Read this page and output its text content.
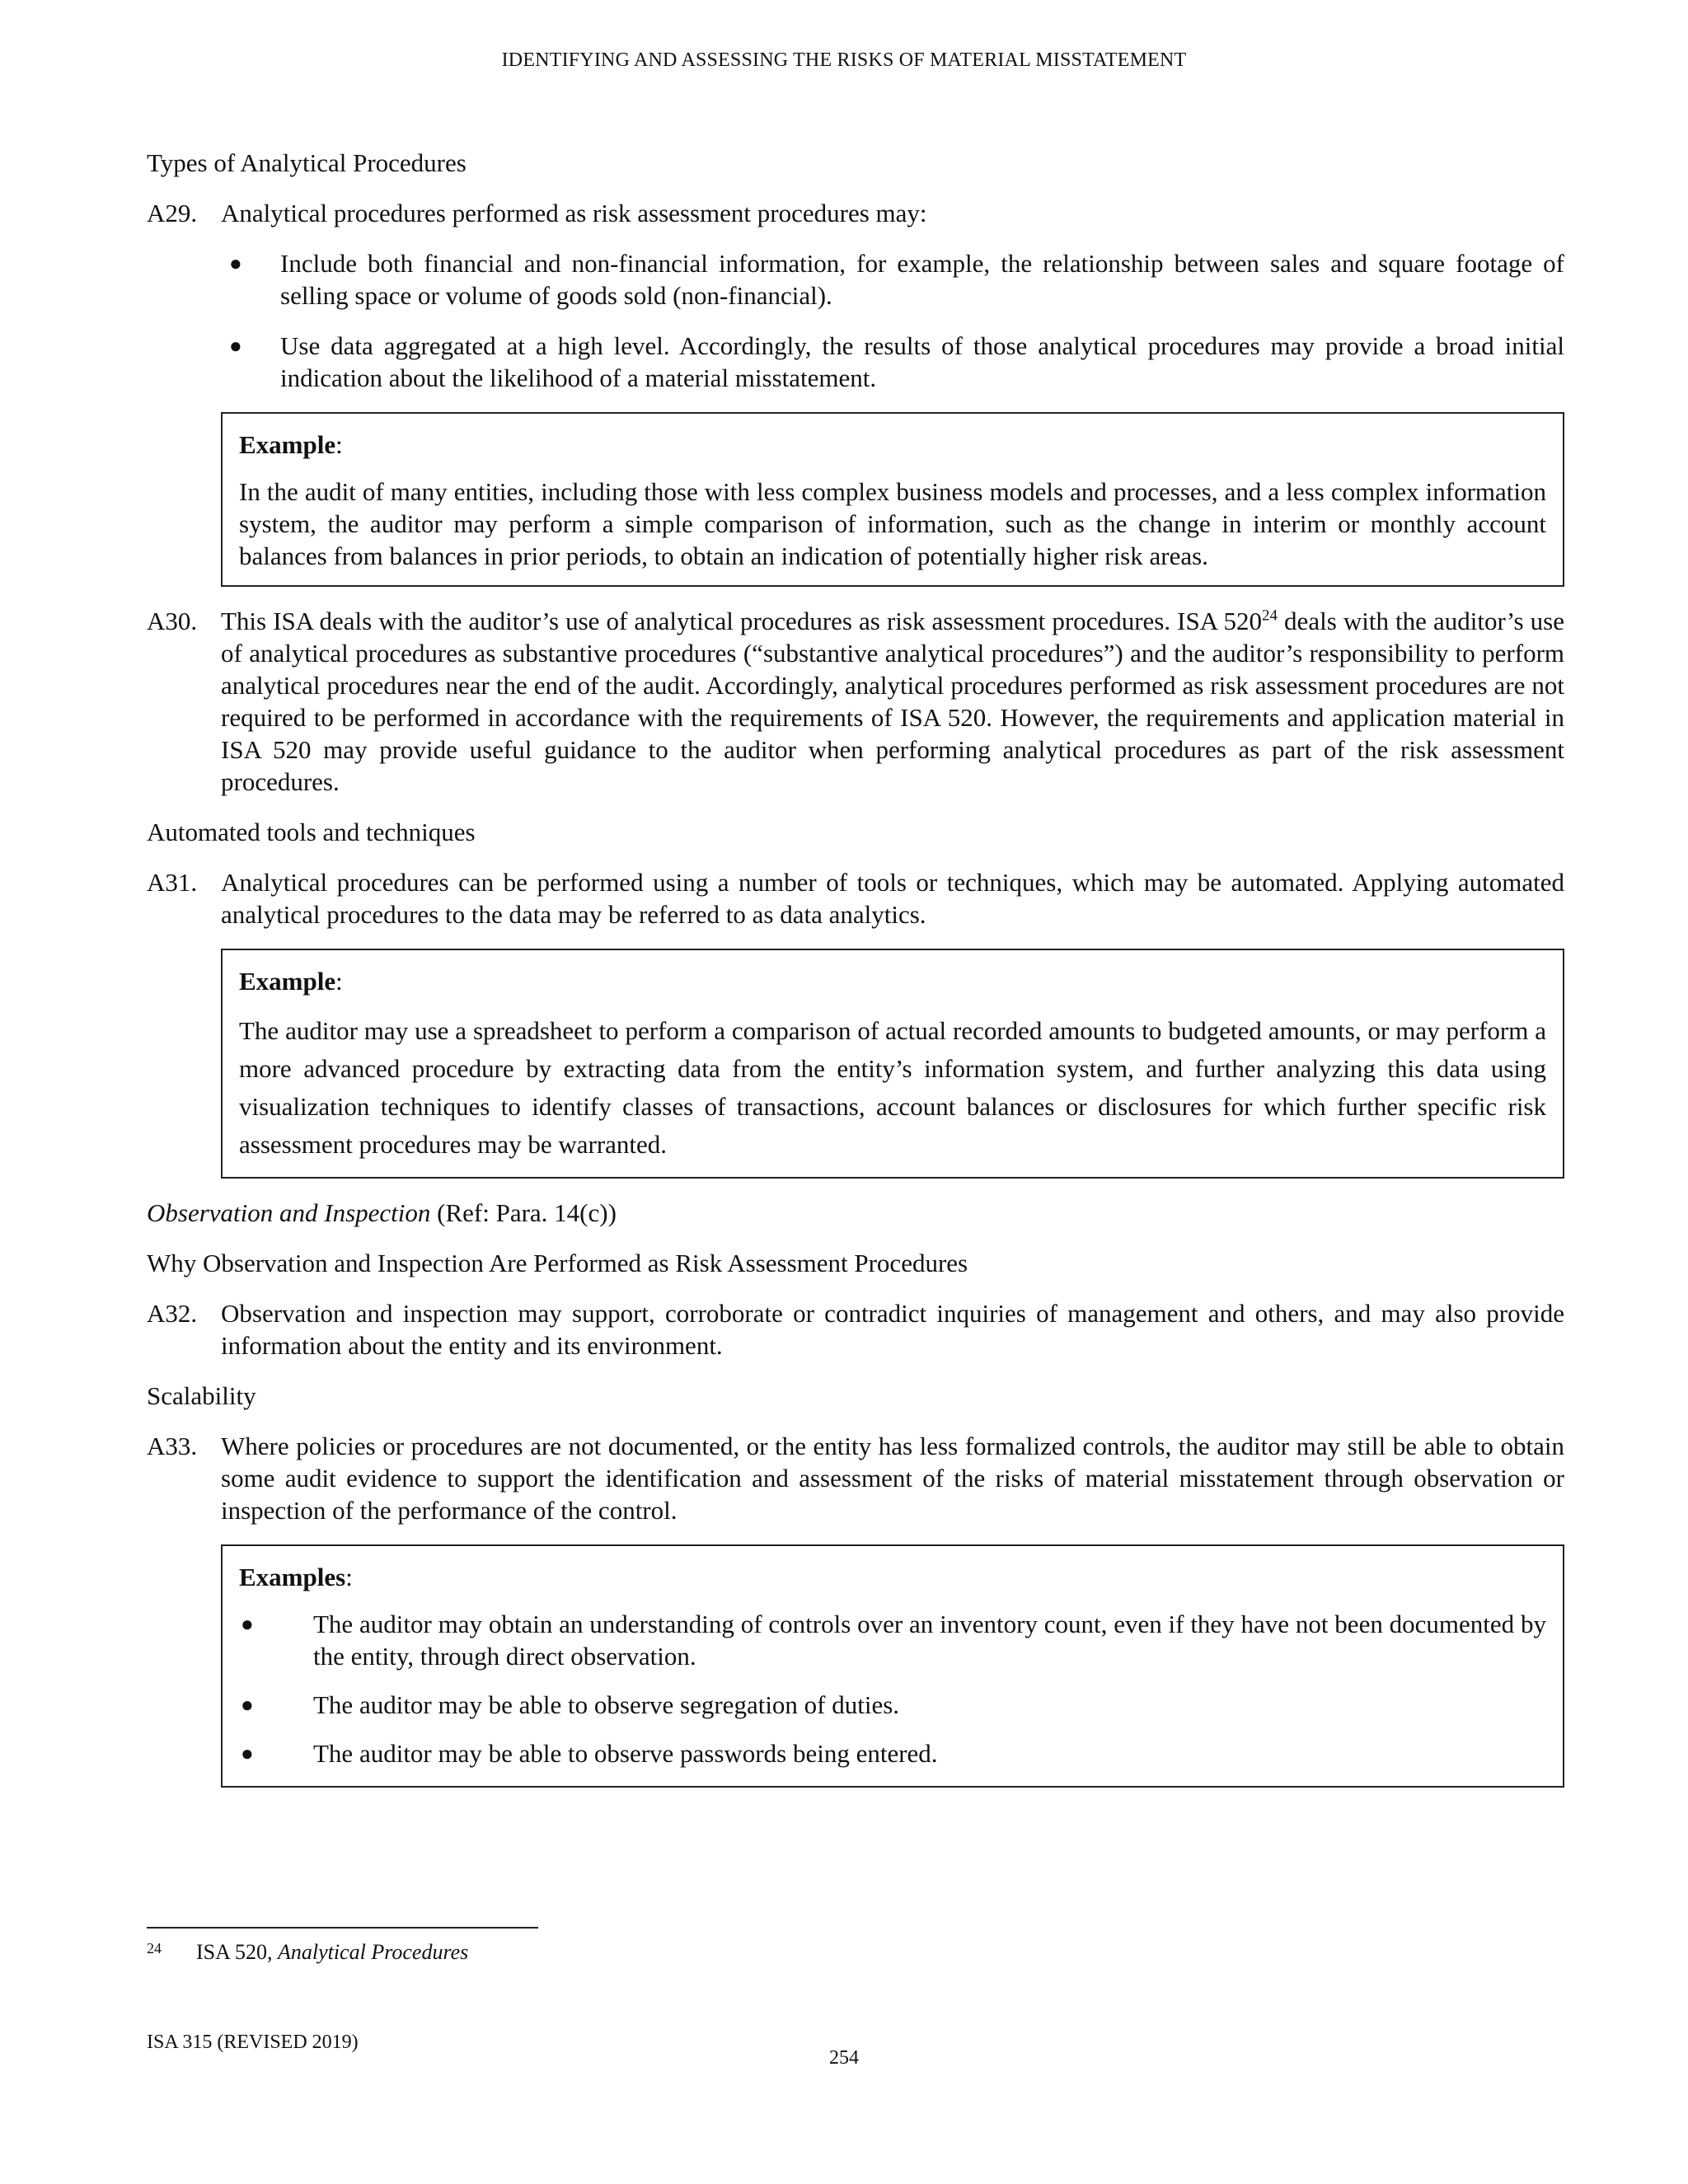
IDENTIFYING AND ASSESSING THE RISKS OF MATERIAL MISSTATEMENT
Types of Analytical Procedures
A29. Analytical procedures performed as risk assessment procedures may:
● Include both financial and non-financial information, for example, the relationship between sales and square footage of selling space or volume of goods sold (non-financial).
● Use data aggregated at a high level. Accordingly, the results of those analytical procedures may provide a broad initial indication about the likelihood of a material misstatement.
Example:

In the audit of many entities, including those with less complex business models and processes, and a less complex information system, the auditor may perform a simple comparison of information, such as the change in interim or monthly account balances from balances in prior periods, to obtain an indication of potentially higher risk areas.

A30. This ISA deals with the auditor’s use of analytical procedures as risk assessment procedures. ISA $520^{24}$ deals with the auditor’s use of analytical procedures as substantive procedures (“substantive analytical procedures”) and the auditor’s responsibility to perform analytical procedures near the end of the audit. Accordingly, analytical procedures performed as risk assessment procedures are not required to be performed in accordance with the requirements of ISA 520. However, the requirements and application material in ISA 520 may provide useful guidance to the auditor when performing analytical procedures as part of the risk assessment procedures.
Automated tools and techniques
A31. Analytical procedures can be performed using a number of tools or techniques, which may be automated. Applying automated analytical procedures to the data may be referred to as data analytics.
Example:

The auditor may use a spreadsheet to perform a comparison of actual recorded amounts to budgeted amounts, or may perform a more advanced procedure by extracting data from the entity’s information system, and further analyzing this data using visualization techniques to identify classes of transactions, account balances or disclosures for which further specific risk assessment procedures may be warranted.

Observation and Inspection (Ref: Para. 14(c))
Why Observation and Inspection Are Performed as Risk Assessment Procedures
A32. Observation and inspection may support, corroborate or contradict inquiries of management and others, and may also provide information about the entity and its environment.
Scalability
A33. Where policies or procedures are not documented, or the entity has less formalized controls, the auditor may still be able to obtain some audit evidence to support the identification and assessment of the risks of material misstatement through observation or inspection of the performance of the control.
Examples:
● The auditor may obtain an understanding of controls over an inventory count, even if they have not been documented by the entity, through direct observation.
● The auditor may be able to observe segregation of duties.
● The auditor may be able to observe passwords being entered.
24 ISA 520, Analytical Procedures
ISA 315 (REVISED 2019)
254
